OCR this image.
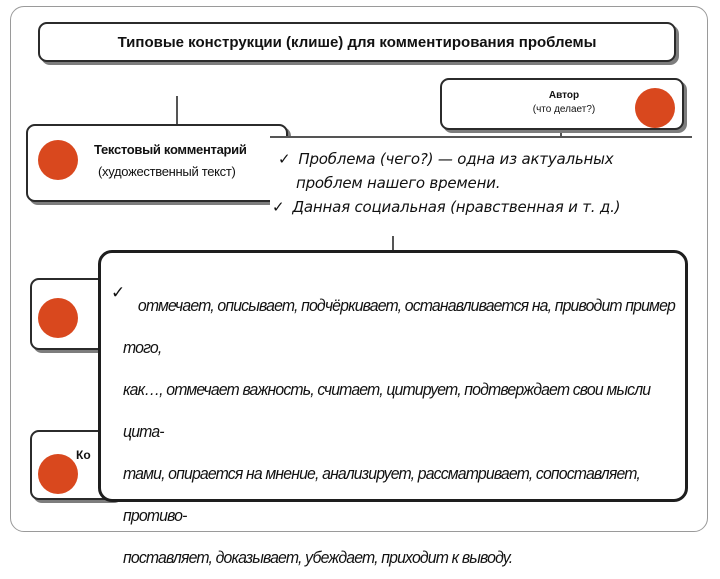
Типовые конструкции (клише) для комментирования проблемы
Автор
(что делает?)
Текстовый комментарий
(художественный текст)
Ко
✓ Проблема (чего?) — одна из актуальных
проблем нашего времени.
✓ Данная социальная (нравственная и т. д.)
✓
отмечает, описывает, подчёркивает, останавливается на, приводит пример того,
как…, отмечает важность, считает, цитирует, подтверждает свои мысли цита-
тами, опирается на мнение, анализирует, рассматривает, сопоставляет, противо-
поставляет, доказывает, убеждает, приходит к выводу.
